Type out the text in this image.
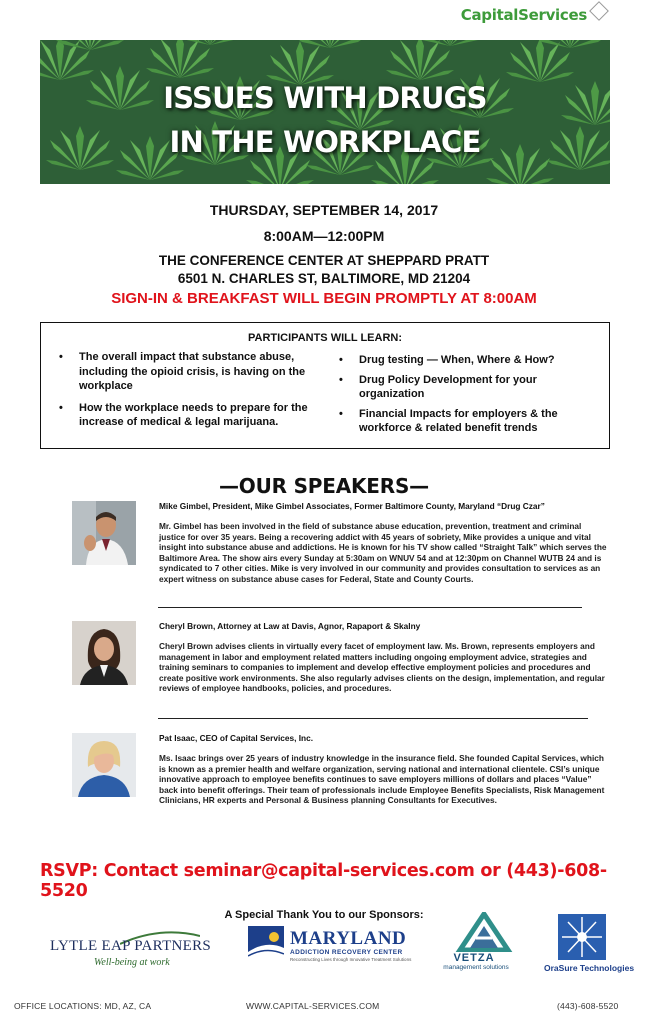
CapitalServices
ISSUES WITH DRUGS
IN THE WORKPLACE
THURSDAY, SEPTEMBER 14, 2017
8:00AM—12:00PM
THE CONFERENCE CENTER AT SHEPPARD PRATT
6501 N. CHARLES ST, BALTIMORE, MD 21204
SIGN-IN & BREAKFAST WILL BEGIN PROMPTLY AT 8:00AM
PARTICIPANTS WILL LEARN:
• The overall impact that substance abuse, including the opioid crisis, is having on the workplace
• How the workplace needs to prepare for the increase of medical & legal marijuana.
• Drug testing — When, Where & How?
• Drug Policy Development for your organization
• Financial Impacts for employers & the workforce & related benefit trends
—OUR SPEAKERS—
Mike Gimbel, President, Mike Gimbel Associates, Former Baltimore County, Maryland “Drug Czar”
Mr. Gimbel has been involved in the field of substance abuse education, prevention, treatment and criminal justice for over 35 years. Being a recovering addict with 45 years of sobriety, Mike provides a unique and vital insight into substance abuse and addictions. He is known for his TV show called “Straight Talk” which serves the Baltimore Area. The show airs every Sunday at 5:30am on WNUV 54 and at 12:30pm on Channel WUTB 24 and is syndicated to 7 other cities. Mike is very involved in our community and provides consultation to services as an expert witness on substance abuse cases for Federal, State and County Courts.
Cheryl Brown, Attorney at Law at Davis, Agnor, Rapaport & Skalny
Cheryl Brown advises clients in virtually every facet of employment law. Ms. Brown, represents employers and management in labor and employment related matters including ongoing employment advice, strategies and training seminars to companies to implement and develop effective employment policies and procedures and create positive work environments. She also regularly advises clients on the design, implementation, and regular reviews of employee handbooks, policies, and procedures.
Pat Isaac, CEO of Capital Services, Inc.
Ms. Isaac brings over 25 years of industry knowledge in the insurance field. She founded Capital Services, which is known as a premier health and welfare organization, serving national and international clientele. CSI’s unique innovative approach to employee benefits continues to save employers millions of dollars and places “Value” back into benefit offerings. Their team of professionals include Employee Benefits Specialists, Risk Management Clinicians, HR experts and Personal & Business planning Consultants for Executives.
RSVP: Contact seminar@capital-services.com or (443)-608-5520
A Special Thank You to our Sponsors:
LYTLE EAP PARTNERS
Well-being at work
MARYLAND
ADDICTION RECOVERY CENTER
Reconstructing Lives through Innovative Treatment Solutions	VETZA
management solutions	OraSure Technologies
OFFICE LOCATIONS: MD, AZ, CA	WWW.CAPITAL-SERVICES.COM	(443)-608-5520
